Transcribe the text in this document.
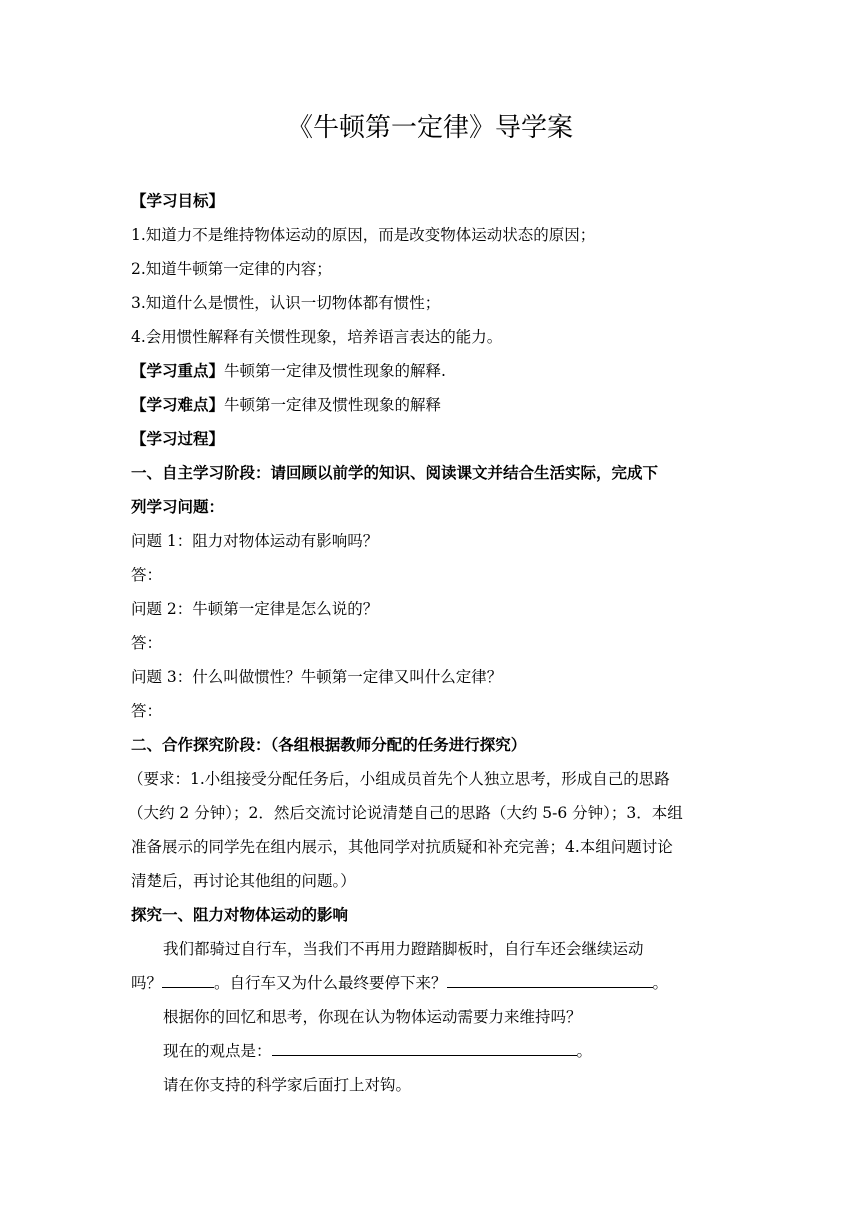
《牛顿第一定律》导学案
【学习目标】
1.知道力不是维持物体运动的原因，而是改变物体运动状态的原因；
2.知道牛顿第一定律的内容；
3.知道什么是惯性，认识一切物体都有惯性；
4.会用惯性解释有关惯性现象，培养语言表达的能力。
【学习重点】牛顿第一定律及惯性现象的解释.
【学习难点】牛顿第一定律及惯性现象的解释
【学习过程】
一、自主学习阶段：请回顾以前学的知识、阅读课文并结合生活实际，完成下
列学习问题：
问题 1：阻力对物体运动有影响吗？
答：
问题 2：牛顿第一定律是怎么说的？
答：
问题 3：什么叫做惯性？牛顿第一定律又叫什么定律？
答：
二、合作探究阶段：（各组根据教师分配的任务进行探究）
（要求：1.小组接受分配任务后，小组成员首先个人独立思考，形成自己的思路
（大约 2 分钟）；2．然后交流讨论说清楚自己的思路（大约 5-6 分钟）；3．本组
准备展示的同学先在组内展示，其他同学对抗质疑和补充完善；4.本组问题讨论
清楚后，再讨论其他组的问题。）
探究一、阻力对物体运动的影响
我们都骑过自行车，当我们不再用力蹬踏脚板时，自行车还会继续运动
吗？	。自行车又为什么最终要停下来？	。
根据你的回忆和思考，你现在认为物体运动需要力来维持吗？
现在的观点是：	。
请在你支持的科学家后面打上对钩。
